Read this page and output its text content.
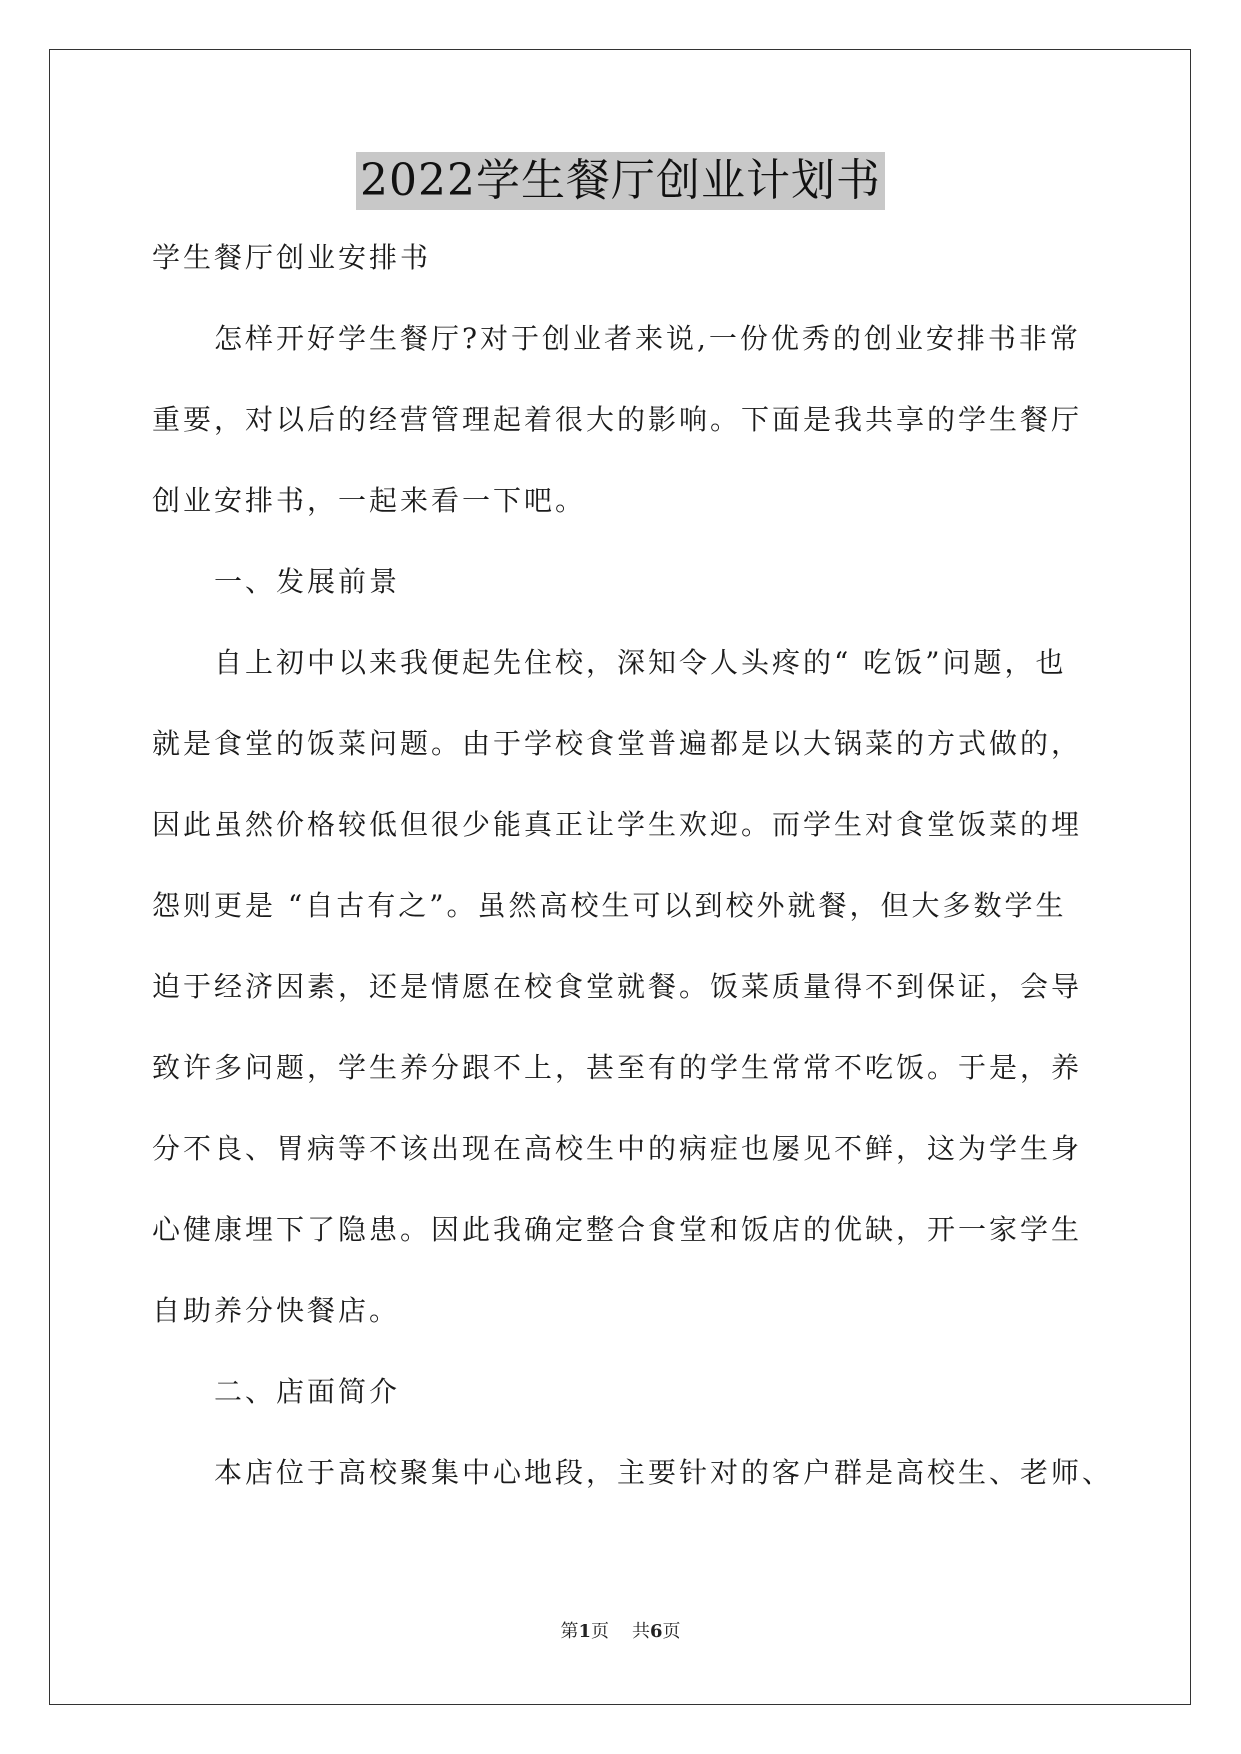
2022学生餐厅创业计划书
学生餐厅创业安排书
怎样开好学生餐厅?对于创业者来说,一份优秀的创业安排书非常
重要，对以后的经营管理起着很大的影响。下面是我共享的学生餐厅
创业安排书，一起来看一下吧。
一、发展前景
自上初中以来我便起先住校，深知令人头疼的“ 吃饭”问题，也
就是食堂的饭菜问题。由于学校食堂普遍都是以大锅菜的方式做的，
因此虽然价格较低但很少能真正让学生欢迎。而学生对食堂饭菜的埋
怨则更是 “自古有之”。虽然高校生可以到校外就餐，但大多数学生
迫于经济因素，还是情愿在校食堂就餐。饭菜质量得不到保证，会导
致许多问题，学生养分跟不上，甚至有的学生常常不吃饭。于是，养
分不良、胃病等不该出现在高校生中的病症也屡见不鲜，这为学生身
心健康埋下了隐患。因此我确定整合食堂和饭店的优缺，开一家学生
自助养分快餐店。
二、店面简介
本店位于高校聚集中心地段，主要针对的客户群是高校生、老师、
第1页 共6页
